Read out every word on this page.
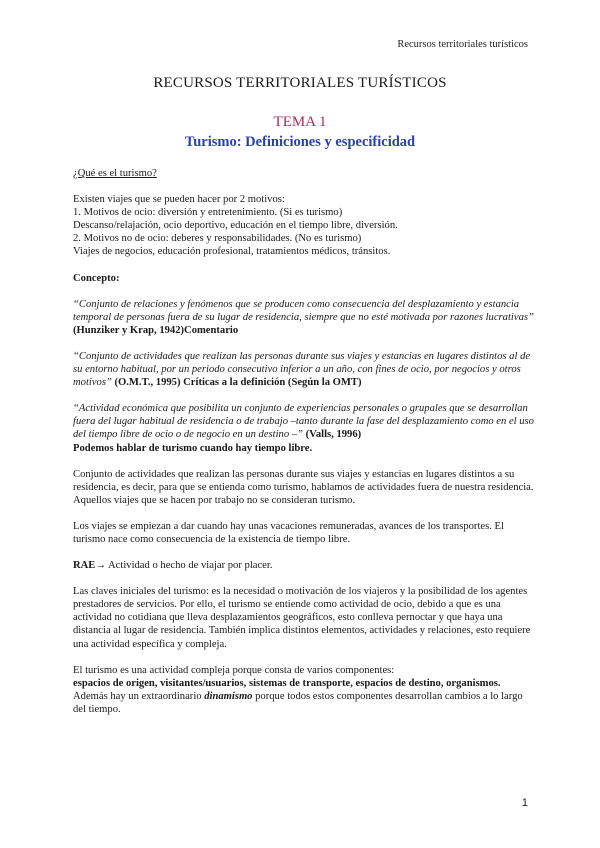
Recursos territoriales turísticos
RECURSOS TERRITORIALES TURÍSTICOS
TEMA 1
Turismo: Definiciones y especificidad

¿Qué es el turismo?

Existen viajes que se pueden hacer por 2 motivos:

1. Motivos de ocio: diversión y entretenimiento. (Si es turismo)

Descanso/relajación, ocio deportivo, educación en el tiempo libre, diversión.

2. Motivos no de ocio: deberes y responsabilidades. (No es turismo)

Viajes de negocios, educación profesional, tratamientos médicos, tránsitos.

Concepto:

“Conjunto de relaciones y fenómenos que se producen como consecuencia del desplazamiento y estancia temporal de personas fuera de su lugar de residencia, siempre que no esté motivada por razones lucrativas” (Hunziker y Krap, 1942)Comentario

“Conjunto de actividades que realizan las personas durante sus viajes y estancias en lugares distintos al de su entorno habitual, por un periodo consecutivo inferior a un año, con fines de ocio, por negocios y otros motivos” (O.M.T., 1995) Críticas a la definición (Según la OMT)

“Actividad económica que posibilita un conjunto de experiencias personales o grupales que se desarrollan fuera del lugar habitual de residencia o de trabajo –tanto durante la fase del desplazamiento como en el uso del tiempo libre de ocio o de negocio en un destino –” (Valls, 1996)

Podemos hablar de turismo cuando hay tiempo libre.

Conjunto de actividades que realizan las personas durante sus viajes y estancias en lugares distintos a su residencia, es decir, para que se entienda como turismo, hablamos de actividades fuera de nuestra residencia. Aquellos viajes que se hacen por trabajo no se consideran turismo.

Los viajes se empiezan a dar cuando hay unas vacaciones remuneradas, avances de los transportes. El turismo nace como consecuencia de la existencia de tiempo libre.

RAE→ Actividad o hecho de viajar por placer.

Las claves iniciales del turismo: es la necesidad o motivación de los viajeros y la posibilidad de los agentes prestadores de servicios. Por ello, el turismo se entiende como actividad de ocio, debido a que es una actividad no cotidiana que lleva desplazamientos geográficos, esto conlleva pernoctar y que haya una distancia al lugar de residencia. También implica distintos elementos, actividades y relaciones, esto requiere una actividad específica y compleja.

El turismo es una actividad compleja porque consta de varios componentes:

espacios de origen, visitantes/usuarios, sistemas de transporte, espacios de destino, organismos.

Además hay un extraordinario dinamismo porque todos estos componentes desarrollan cambios a lo largo del tiempo.

1
